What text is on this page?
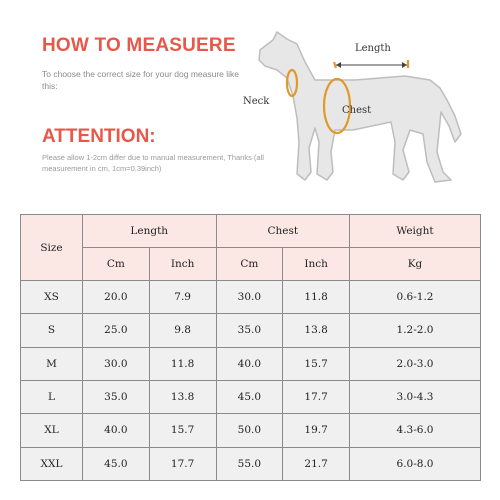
HOW TO MEASUERE
To choose the correct size for your dog measure like this:
ATTENTION:
Please allow 1-2cm differ due to manual measurement, Thanks (all measurement in cm, 1cm=0.39inch)
Length
Neck
Chest
Size	Length		Chest		Weight
	Cm	Inch	Cm	Inch	Kg
XS	20.0	7.9	30.0	11.8	0.6-1.2
S	25.0	9.8	35.0	13.8	1.2-2.0
M	30.0	11.8	40.0	15.7	2.0-3.0
L	35.0	13.8	45.0	17.7	3.0-4.3
XL	40.0	15.7	50.0	19.7	4.3-6.0
XXL	45.0	17.7	55.0	21.7	6.0-8.0
